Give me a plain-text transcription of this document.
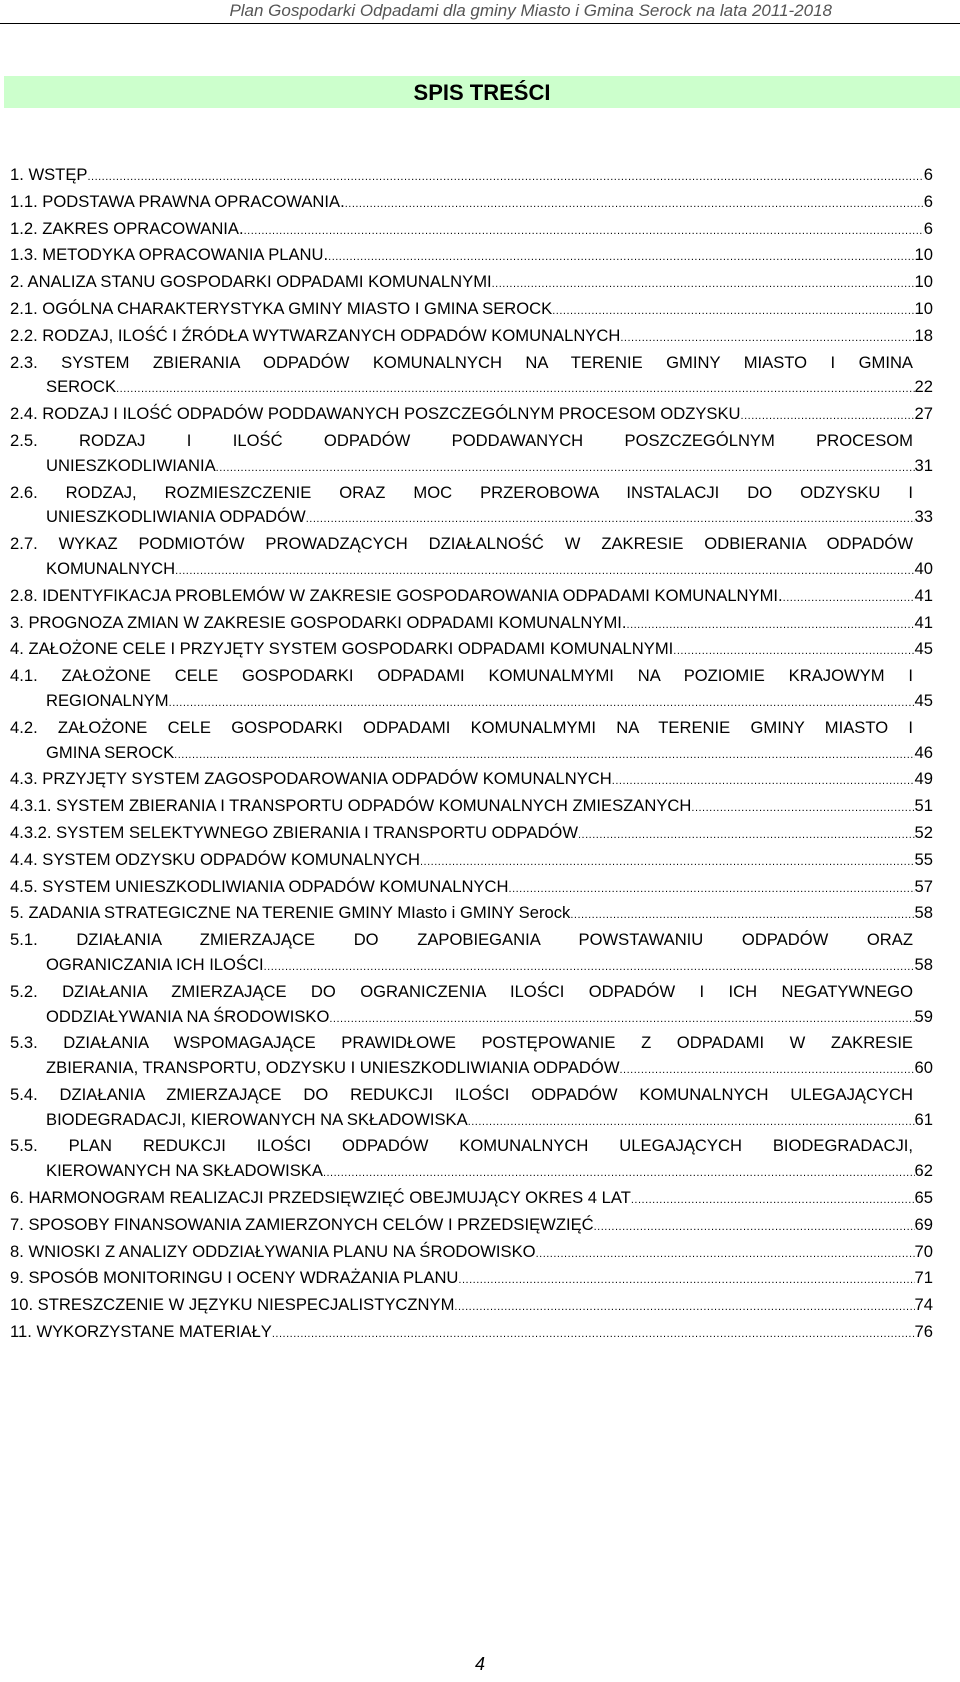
Plan Gospodarki Odpadami dla gminy Miasto i Gmina Serock na lata 2011-2018
SPIS TREŚCI
1. WSTĘP .....	6
1.1. PODSTAWA PRAWNA OPRACOWANIA. .....	6
1.2. ZAKRES OPRACOWANIA. .....	6
1.3. METODYKA OPRACOWANIA PLANU. .....	10
2. ANALIZA STANU GOSPODARKI ODPADAMI KOMUNALNYMI .....	10
2.1. OGÓLNA CHARAKTERYSTYKA GMINY MIASTO I GMINA SEROCK .....	10
2.2. RODZAJ, ILOŚĆ I ŹRÓDŁA WYTWARZANYCH ODPADÓW KOMUNALNYCH .....	18
2.3. SYSTEM ZBIERANIA ODPADÓW KOMUNALNYCH NA TERENIE GMINY MIASTO I GMINA
SEROCK .....	22
2.4. RODZAJ I ILOŚĆ ODPADÓW PODDAWANYCH POSZCZEGÓLNYM PROCESOM ODZYSKU .....	27
2.5. RODZAJ I ILOŚĆ ODPADÓW PODDAWANYCH POSZCZEGÓLNYM PROCESOM
UNIESZKODLIWIANIA .....	31
2.6. RODZAJ, ROZMIESZCZENIE ORAZ MOC PRZEROBOWA INSTALACJI DO ODZYSKU I
UNIESZKODLIWIANIA ODPADÓW .....	33
2.7. WYKAZ PODMIOTÓW PROWADZĄCYCH DZIAŁALNOŚĆ W ZAKRESIE ODBIERANIA ODPADÓW
KOMUNALNYCH .....	40
2.8. IDENTYFIKACJA PROBLEMÓW W ZAKRESIE GOSPODAROWANIA ODPADAMI KOMUNALNYMI. .....	41
3. PROGNOZA ZMIAN W ZAKRESIE GOSPODARKI ODPADAMI KOMUNALNYMI. .....	41
4. ZAŁOŻONE CELE I PRZYJĘTY SYSTEM GOSPODARKI ODPADAMI KOMUNALNYMI .....	45
4.1. ZAŁOŻONE CELE GOSPODARKI ODPADAMI KOMUNALMYMI NA POZIOMIE KRAJOWYM I
REGIONALNYM .....	45
4.2. ZAŁOŻONE CELE GOSPODARKI ODPADAMI KOMUNALMYMI NA TERENIE GMINY MIASTO I
GMINA SEROCK .....	46
4.3. PRZYJĘTY SYSTEM ZAGOSPODAROWANIA ODPADÓW KOMUNALNYCH .....	49
4.3.1. SYSTEM ZBIERANIA I TRANSPORTU ODPADÓW KOMUNALNYCH ZMIESZANYCH .....	51
4.3.2. SYSTEM SELEKTYWNEGO ZBIERANIA I TRANSPORTU ODPADÓW .....	52
4.4. SYSTEM ODZYSKU ODPADÓW KOMUNALNYCH .....	55
4.5. SYSTEM UNIESZKODLIWIANIA ODPADÓW KOMUNALNYCH .....	57
5. ZADANIA STRATEGICZNE NA TERENIE GMINY MIasto i GMINY Serock .....	58
5.1. DZIAŁANIA ZMIERZAJĄCE DO ZAPOBIEGANIA POWSTAWANIU ODPADÓW ORAZ
OGRANICZANIA ICH ILOŚCI .....	58
5.2. DZIAŁANIA ZMIERZAJĄCE DO OGRANICZENIA ILOŚCI ODPADÓW I ICH NEGATYWNEGO
ODDZIAŁYWANIA NA ŚRODOWISKO .....	59
5.3. DZIAŁANIA WSPOMAGAJĄCE PRAWIDŁOWE POSTĘPOWANIE Z ODPADAMI W ZAKRESIE
ZBIERANIA, TRANSPORTU, ODZYSKU I UNIESZKODLIWIANIA ODPADÓW .....	60
5.4. DZIAŁANIA ZMIERZAJĄCE DO REDUKCJI ILOŚCI ODPADÓW KOMUNALNYCH ULEGAJĄCYCH
BIODEGRADACJI, KIEROWANYCH NA SKŁADOWISKA .....	61
5.5. PLAN REDUKCJI ILOŚCI ODPADÓW KOMUNALNYCH ULEGAJĄCYCH BIODEGRADACJI,
KIEROWANYCH NA SKŁADOWISKA .....	62
6. HARMONOGRAM REALIZACJI PRZEDSIĘWZIĘĆ OBEJMUJĄCY OKRES 4 LAT .....	65
7. SPOSOBY FINANSOWANIA ZAMIERZONYCH CELÓW I PRZEDSIĘWZIĘĆ .....	69
8. WNIOSKI Z ANALIZY ODDZIAŁYWANIA PLANU NA ŚRODOWISKO .....	70
9. SPOSÓB MONITORINGU I OCENY WDRAŻANIA PLANU .....	71
10. STRESZCZENIE W JĘZYKU NIESPECJALISTYCZNYM .....	74
11. WYKORZYSTANE MATERIAŁY .....	76
4
